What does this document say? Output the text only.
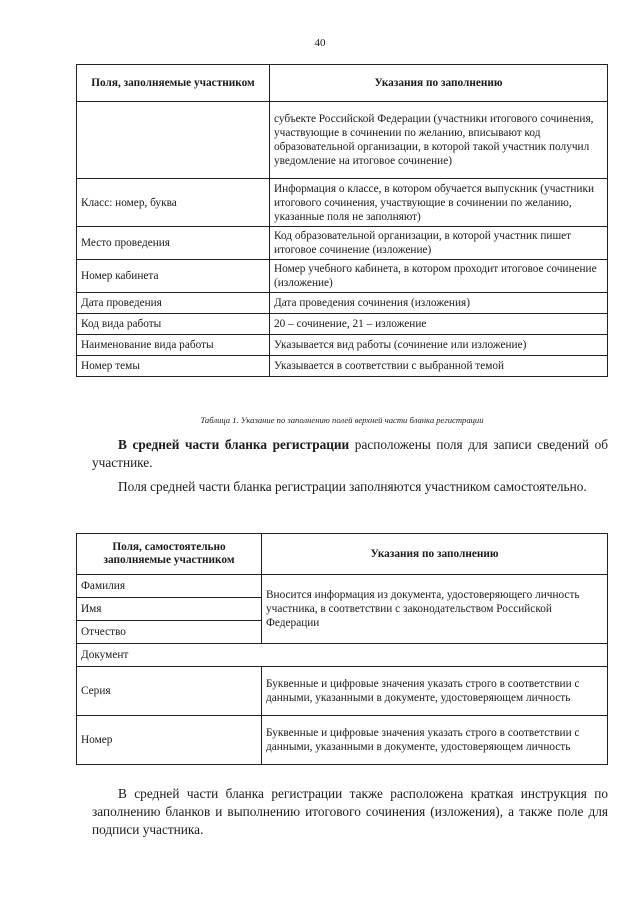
40
Поля, заполняемые участником	Указания по заполнению
	субъекте Российской Федерации (участники итогового сочинения, участвующие в сочинении по желанию, вписывают код образовательной организации, в которой такой участник получил уведомление на итоговое сочинение)
Класс: номер, буква	Информация о классе, в котором обучается выпускник (участники итогового сочинения, участвующие в сочинении по желанию, указанные поля не заполняют)
Место проведения	Код образовательной организации, в которой участник пишет итоговое сочинение (изложение)
Номер кабинета	Номер учебного кабинета, в котором проходит итоговое сочинение (изложение)
Дата проведения	Дата проведения сочинения (изложения)
Код вида работы	20 – сочинение, 21 – изложение
Наименование вида работы	Указывается вид работы (сочинение или изложение)
Номер темы	Указывается в соответствии с выбранной темой
Таблица 1. Указание по заполнению полей верхней части бланка регистрации
В средней части бланка регистрации расположены поля для записи сведений об участнике.
Поля средней части бланка регистрации заполняются участником самостоятельно.
Поля, самостоятельно заполняемые участником	Указания по заполнению
Фамилия	Вносится информация из документа, удостоверяющего личность участника, в соответствии с законодательством Российской Федерации
Имя	
Отчество	
Документ	
Серия	Буквенные и цифровые значения указать строго в соответствии с данными, указанными в документе, удостоверяющем личность
Номер	Буквенные и цифровые значения указать строго в соответствии с данными, указанными в документе, удостоверяющем личность
В средней части бланка регистрации также расположена краткая инструкция по заполнению бланков и выполнению итогового сочинения (изложения), а также поле для подписи участника.
